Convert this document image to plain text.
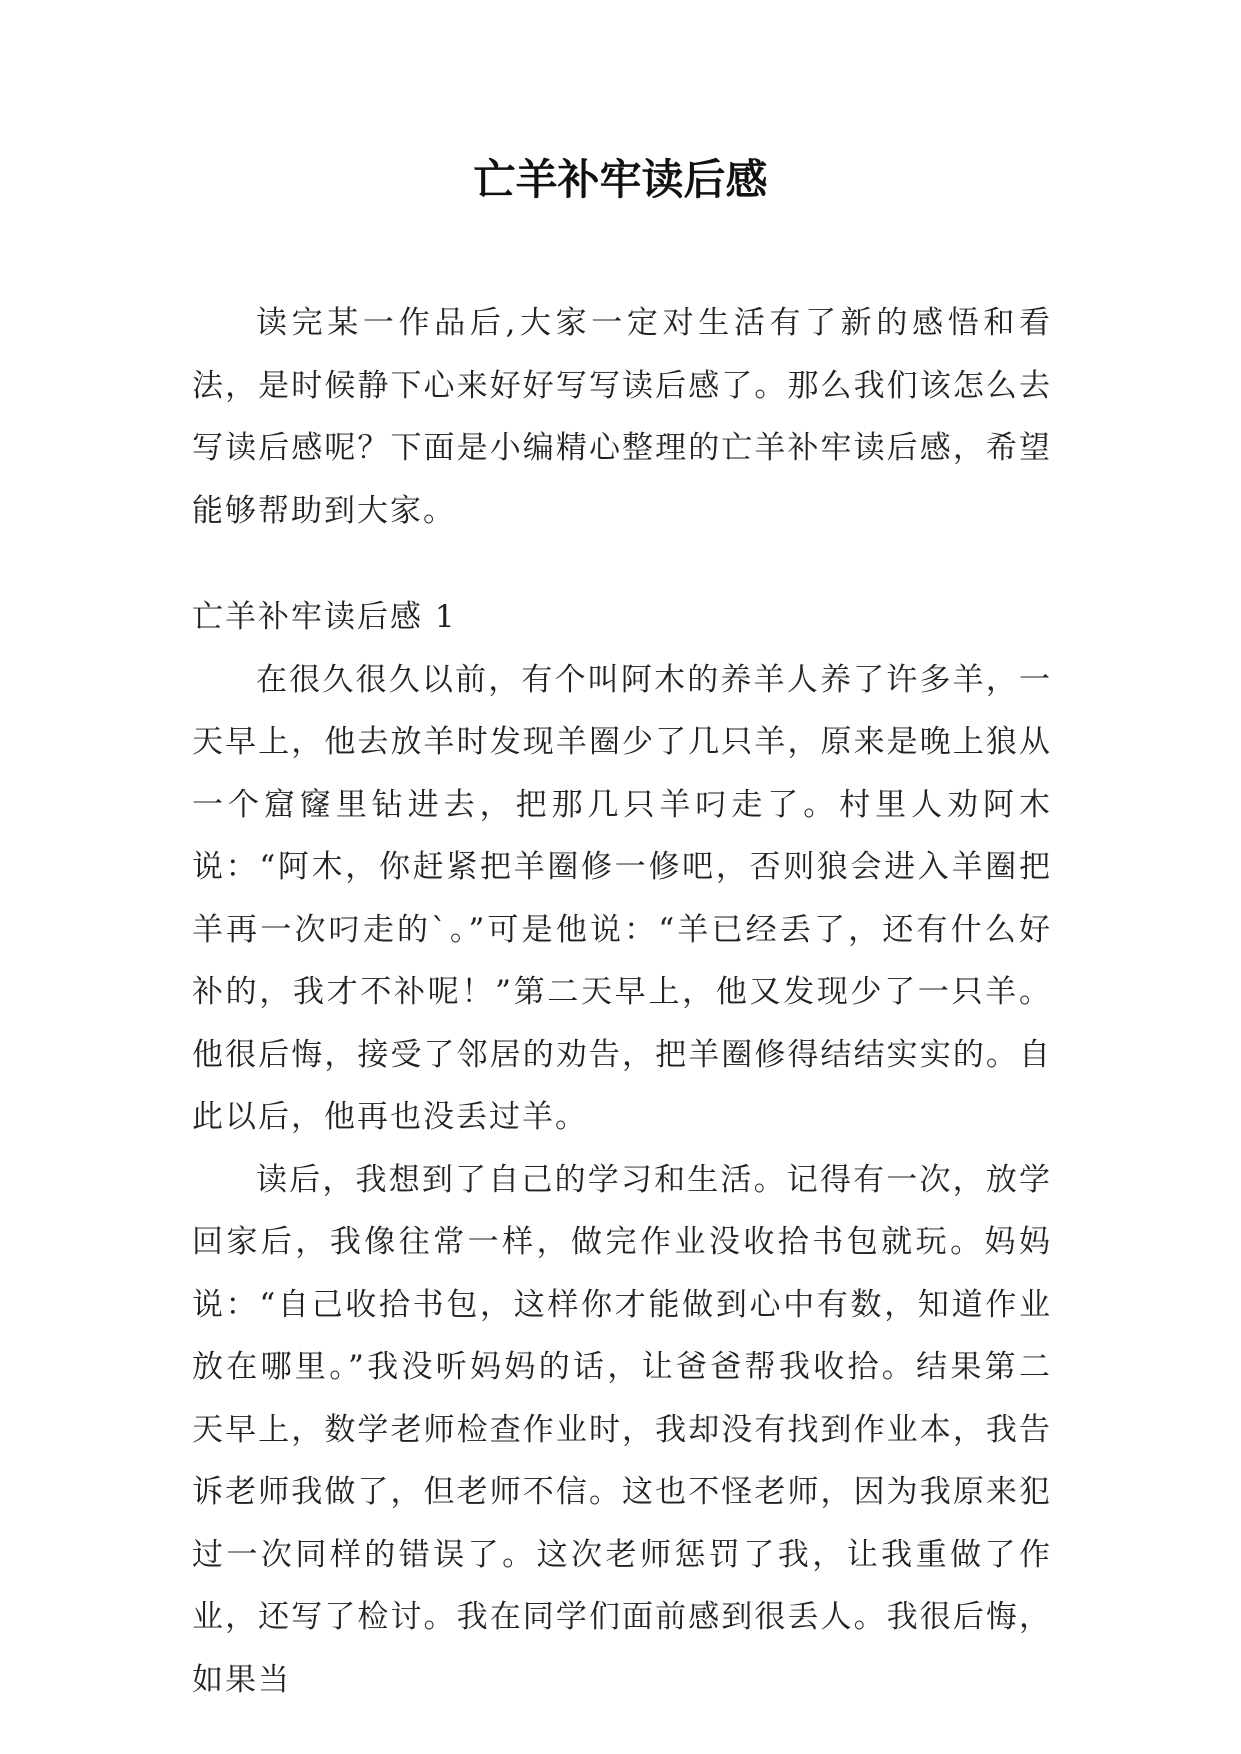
亡羊补牢读后感

读完某一作品后,大家一定对生活有了新的感悟和看法，是时候静下心来好好写写读后感了。那么我们该怎么去写读后感呢？下面是小编精心整理的亡羊补牢读后感，希望能够帮助到大家。

亡羊补牢读后感 1

在很久很久以前，有个叫阿木的养羊人养了许多羊，一天早上，他去放羊时发现羊圈少了几只羊，原来是晚上狼从一个窟窿里钻进去，把那几只羊叼走了。村里人劝阿木说：“阿木，你赶紧把羊圈修一修吧，否则狼会进入羊圈把羊再一次叼走的`。”可是他说：“羊已经丢了，还有什么好补的，我才不补呢！”第二天早上，他又发现少了一只羊。他很后悔，接受了邻居的劝告，把羊圈修得结结实实的。自此以后，他再也没丢过羊。

读后，我想到了自己的学习和生活。记得有一次，放学回家后，我像往常一样，做完作业没收拾书包就玩。妈妈说：“自己收拾书包，这样你才能做到心中有数，知道作业放在哪里。”我没听妈妈的话，让爸爸帮我收拾。结果第二天早上，数学老师检查作业时，我却没有找到作业本，我告诉老师我做了，但老师不信。这也不怪老师，因为我原来犯过一次同样的错误了。这次老师惩罚了我，让我重做了作业，还写了检讨。我在同学们面前感到很丢人。我很后悔，如果当
